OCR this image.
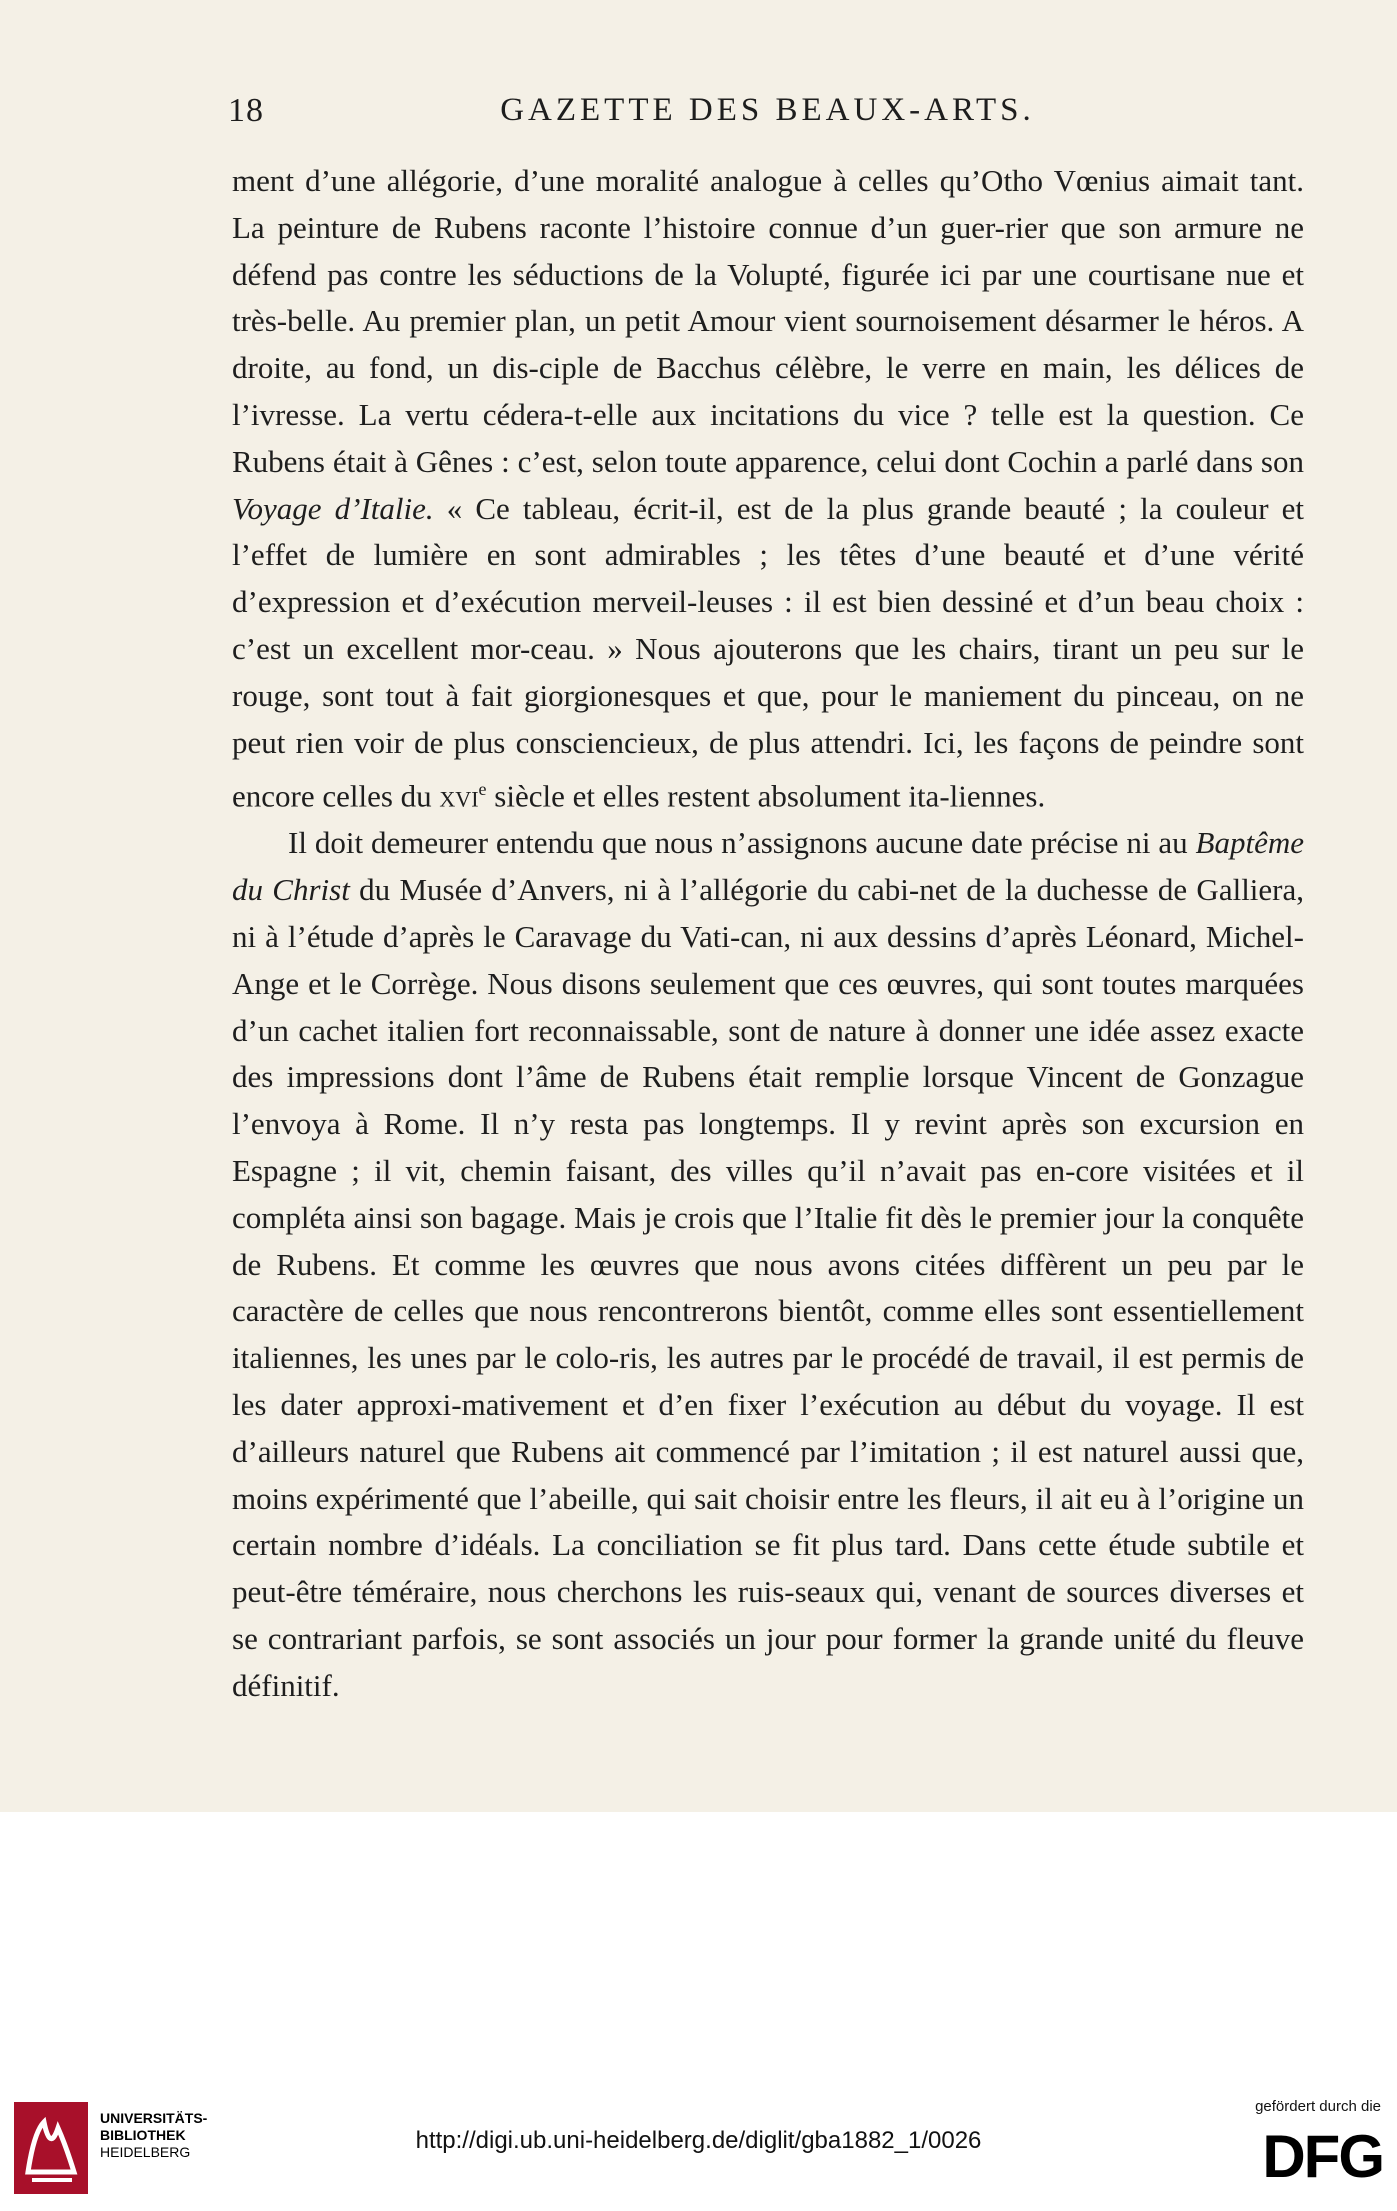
18	GAZETTE DES BEAUX-ARTS.

ment d’une allégorie, d’une moralité analogue à celles qu’Otho Vœnius aimait tant. La peinture de Rubens raconte l’histoire connue d’un guer-rier que son armure ne défend pas contre les séductions de la Volupté, figurée ici par une courtisane nue et très-belle. Au premier plan, un petit Amour vient sournoisement désarmer le héros. A droite, au fond, un dis-ciple de Bacchus célèbre, le verre en main, les délices de l’ivresse. La vertu cédera-t-elle aux incitations du vice ? telle est la question. Ce Rubens était à Gênes : c’est, selon toute apparence, celui dont Cochin a parlé dans son Voyage d’Italie. « Ce tableau, écrit-il, est de la plus grande beauté ; la couleur et l’effet de lumière en sont admirables ; les têtes d’une beauté et d’une vérité d’expression et d’exécution merveil-leuses : il est bien dessiné et d’un beau choix : c’est un excellent mor-ceau. » Nous ajouterons que les chairs, tirant un peu sur le rouge, sont tout à fait giorgionesques et que, pour le maniement du pinceau, on ne peut rien voir de plus consciencieux, de plus attendri. Ici, les façons de peindre sont encore celles du xvi$^e$ siècle et elles restent absolument ita-liennes.

Il doit demeurer entendu que nous n’assignons aucune date précise ni au Baptême du Christ du Musée d’Anvers, ni à l’allégorie du cabi-net de la duchesse de Galliera, ni à l’étude d’après le Caravage du Vati-can, ni aux dessins d’après Léonard, Michel-Ange et le Corrège. Nous disons seulement que ces œuvres, qui sont toutes marquées d’un cachet italien fort reconnaissable, sont de nature à donner une idée assez exacte des impressions dont l’âme de Rubens était remplie lorsque Vincent de Gonzague l’envoya à Rome. Il n’y resta pas longtemps. Il y revint après son excursion en Espagne ; il vit, chemin faisant, des villes qu’il n’avait pas en-core visitées et il compléta ainsi son bagage. Mais je crois que l’Italie fit dès le premier jour la conquête de Rubens. Et comme les œuvres que nous avons citées diffèrent un peu par le caractère de celles que nous rencontrerons bientôt, comme elles sont essentiellement italiennes, les unes par le colo-ris, les autres par le procédé de travail, il est permis de les dater approxi-mativement et d’en fixer l’exécution au début du voyage. Il est d’ailleurs naturel que Rubens ait commencé par l’imitation ; il est naturel aussi que, moins expérimenté que l’abeille, qui sait choisir entre les fleurs, il ait eu à l’origine un certain nombre d’idéals. La conciliation se fit plus tard. Dans cette étude subtile et peut-être téméraire, nous cherchons les ruis-seaux qui, venant de sources diverses et se contrariant parfois, se sont associés un jour pour former la grande unité du fleuve définitif.

UNIVERSITÄTS-
BIBLIOTHEK
HEIDELBERG	http://digi.ub.uni-heidelberg.de/diglit/gba1882_1/0026
gefördert durch die
DFG
